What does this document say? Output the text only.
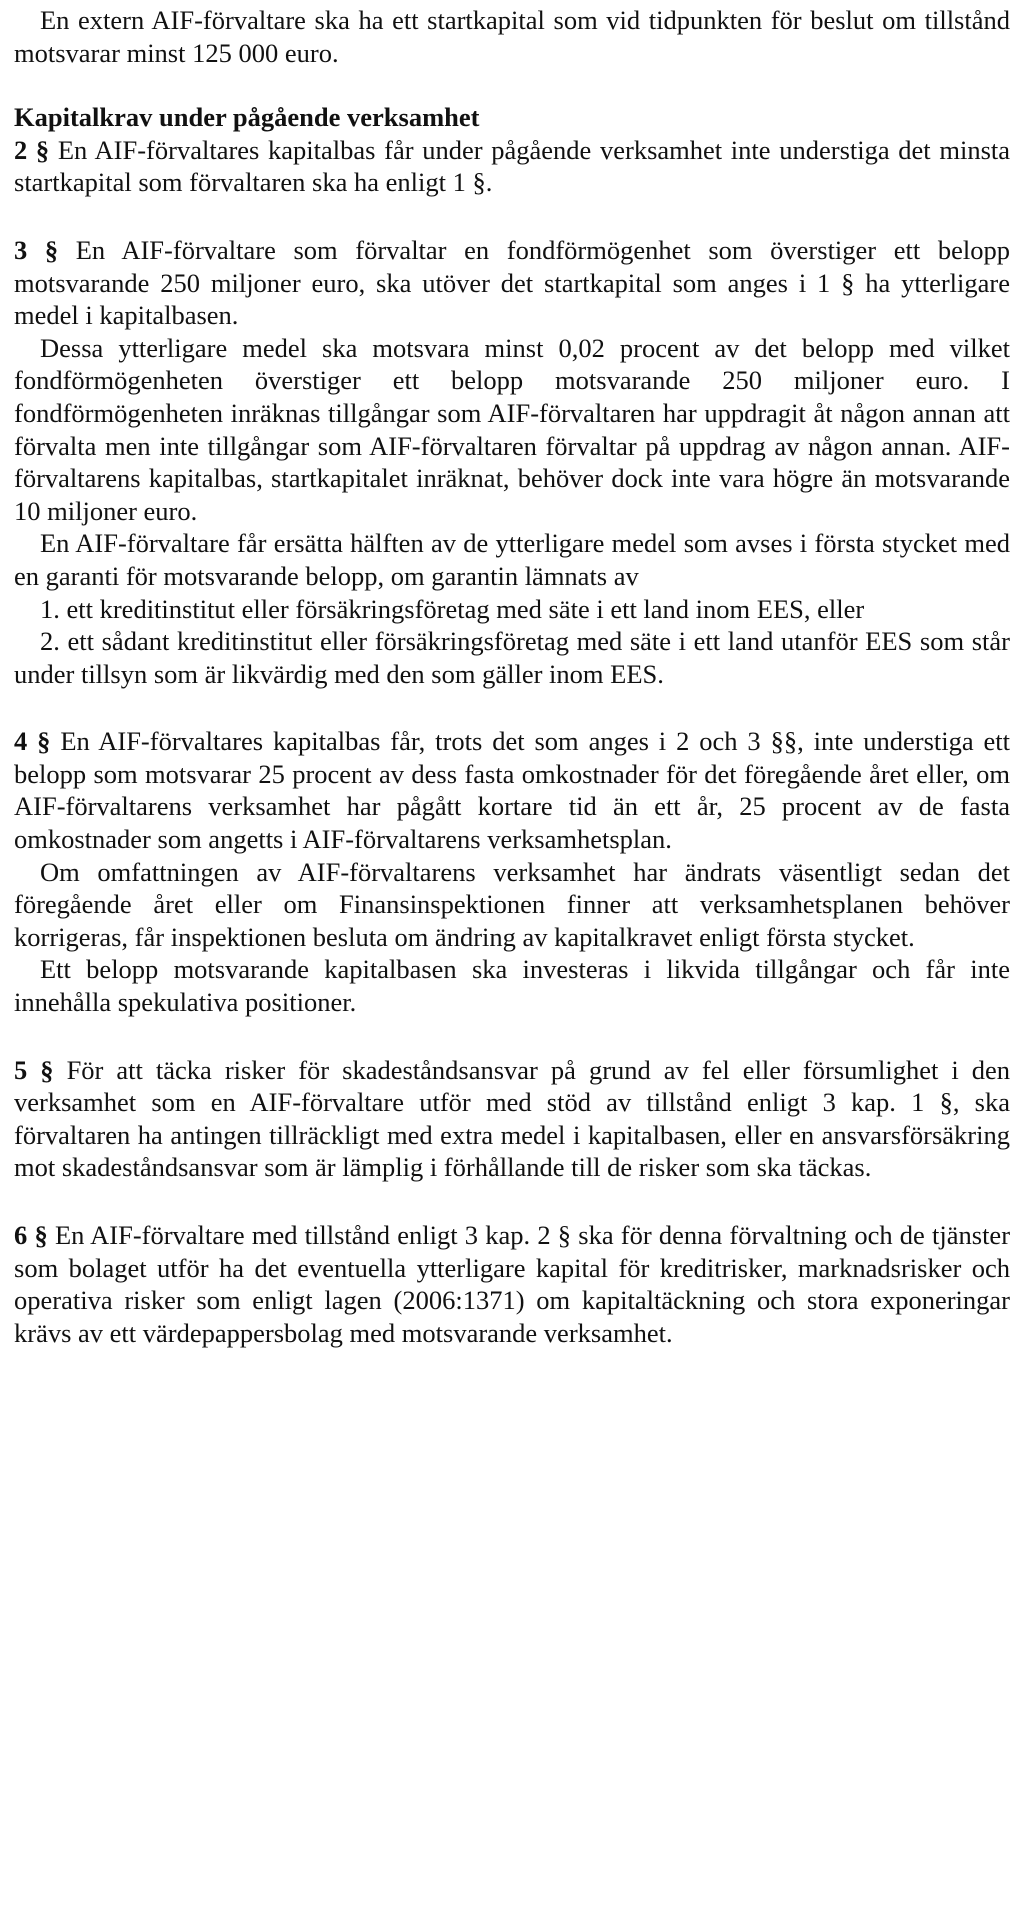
En extern AIF-förvaltare ska ha ett startkapital som vid tidpunkten för beslut om tillstånd motsvarar minst 125 000 euro.

Kapitalkrav under pågående verksamhet

2 § En AIF-förvaltares kapitalbas får under pågående verksamhet inte understiga det minsta startkapital som förvaltaren ska ha enligt 1 §.

3 § En AIF-förvaltare som förvaltar en fondförmögenhet som överstiger ett belopp motsvarande 250 miljoner euro, ska utöver det startkapital som anges i 1 § ha ytterligare medel i kapitalbasen.

Dessa ytterligare medel ska motsvara minst 0,02 procent av det belopp med vilket fondförmögenheten överstiger ett belopp motsvarande 250 miljoner euro. I fondförmögenheten inräknas tillgångar som AIF-förvaltaren har uppdragit åt någon annan att förvalta men inte tillgångar som AIF-förvaltaren förvaltar på uppdrag av någon annan. AIF-förvaltarens kapitalbas, startkapitalet inräknat, behöver dock inte vara högre än motsvarande 10 miljoner euro.

En AIF-förvaltare får ersätta hälften av de ytterligare medel som avses i första stycket med en garanti för motsvarande belopp, om garantin lämnats av

1. ett kreditinstitut eller försäkringsföretag med säte i ett land inom EES, eller

2. ett sådant kreditinstitut eller försäkringsföretag med säte i ett land utanför EES som står under tillsyn som är likvärdig med den som gäller inom EES.

4 § En AIF-förvaltares kapitalbas får, trots det som anges i 2 och 3 §§, inte understiga ett belopp som motsvarar 25 procent av dess fasta omkostnader för det föregående året eller, om AIF-förvaltarens verksamhet har pågått kortare tid än ett år, 25 procent av de fasta omkostnader som angetts i AIF-förvaltarens verksamhetsplan.

Om omfattningen av AIF-förvaltarens verksamhet har ändrats väsentligt sedan det föregående året eller om Finansinspektionen finner att verksamhetsplanen behöver korrigeras, får inspektionen besluta om ändring av kapitalkravet enligt första stycket.

Ett belopp motsvarande kapitalbasen ska investeras i likvida tillgångar och får inte innehålla spekulativa positioner.

5 § För att täcka risker för skadeståndsansvar på grund av fel eller försumlighet i den verksamhet som en AIF-förvaltare utför med stöd av tillstånd enligt 3 kap. 1 §, ska förvaltaren ha antingen tillräckligt med extra medel i kapitalbasen, eller en ansvarsförsäkring mot skadeståndsansvar som är lämplig i förhållande till de risker som ska täckas.

6 § En AIF-förvaltare med tillstånd enligt 3 kap. 2 § ska för denna förvaltning och de tjänster som bolaget utför ha det eventuella ytterligare kapital för kreditrisker, marknadsrisker och operativa risker som enligt lagen (2006:1371) om kapitaltäckning och stora exponeringar krävs av ett värdepappersbolag med motsvarande verksamhet.
